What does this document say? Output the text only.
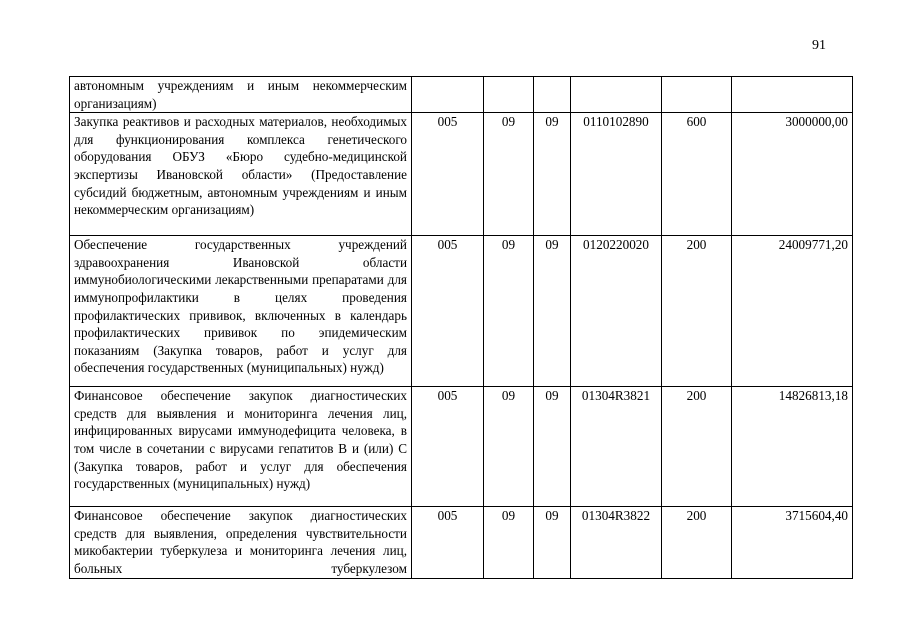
91
автономным учреждениям и иным некоммерческим организациям)						
Закупка реактивов и расходных материалов, необходимых для функционирования комплекса генетического оборудования ОБУЗ «Бюро судебно-медицинской экспертизы Ивановской области» (Предоставление субсидий бюджетным, автономным учреждениям и иным некоммерческим организациям)	005	09	09	0110102890	600	3000000,00
Обеспечение государственных учреждений здравоохранения Ивановской области иммунобиологическими лекарственными препаратами для иммунопрофилактики в целях проведения профилактических прививок, включенных в календарь профилактических прививок по эпидемическим показаниям (Закупка товаров, работ и услуг для обеспечения государственных (муниципальных) нужд)	005	09	09	0120220020	200	24009771,20
Финансовое обеспечение закупок диагностических средств для выявления и мониторинга лечения лиц, инфицированных вирусами иммунодефицита человека, в том числе в сочетании с вирусами гепатитов B и (или) C (Закупка товаров, работ и услуг для обеспечения государственных (муниципальных) нужд)	005	09	09	01304R3821	200	14826813,18
Финансовое обеспечение закупок диагностических средств для выявления, определения чувствительности микобактерии туберкулеза и мониторинга лечения лиц, больных туберкулезом	005	09	09	01304R3822	200	3715604,40
